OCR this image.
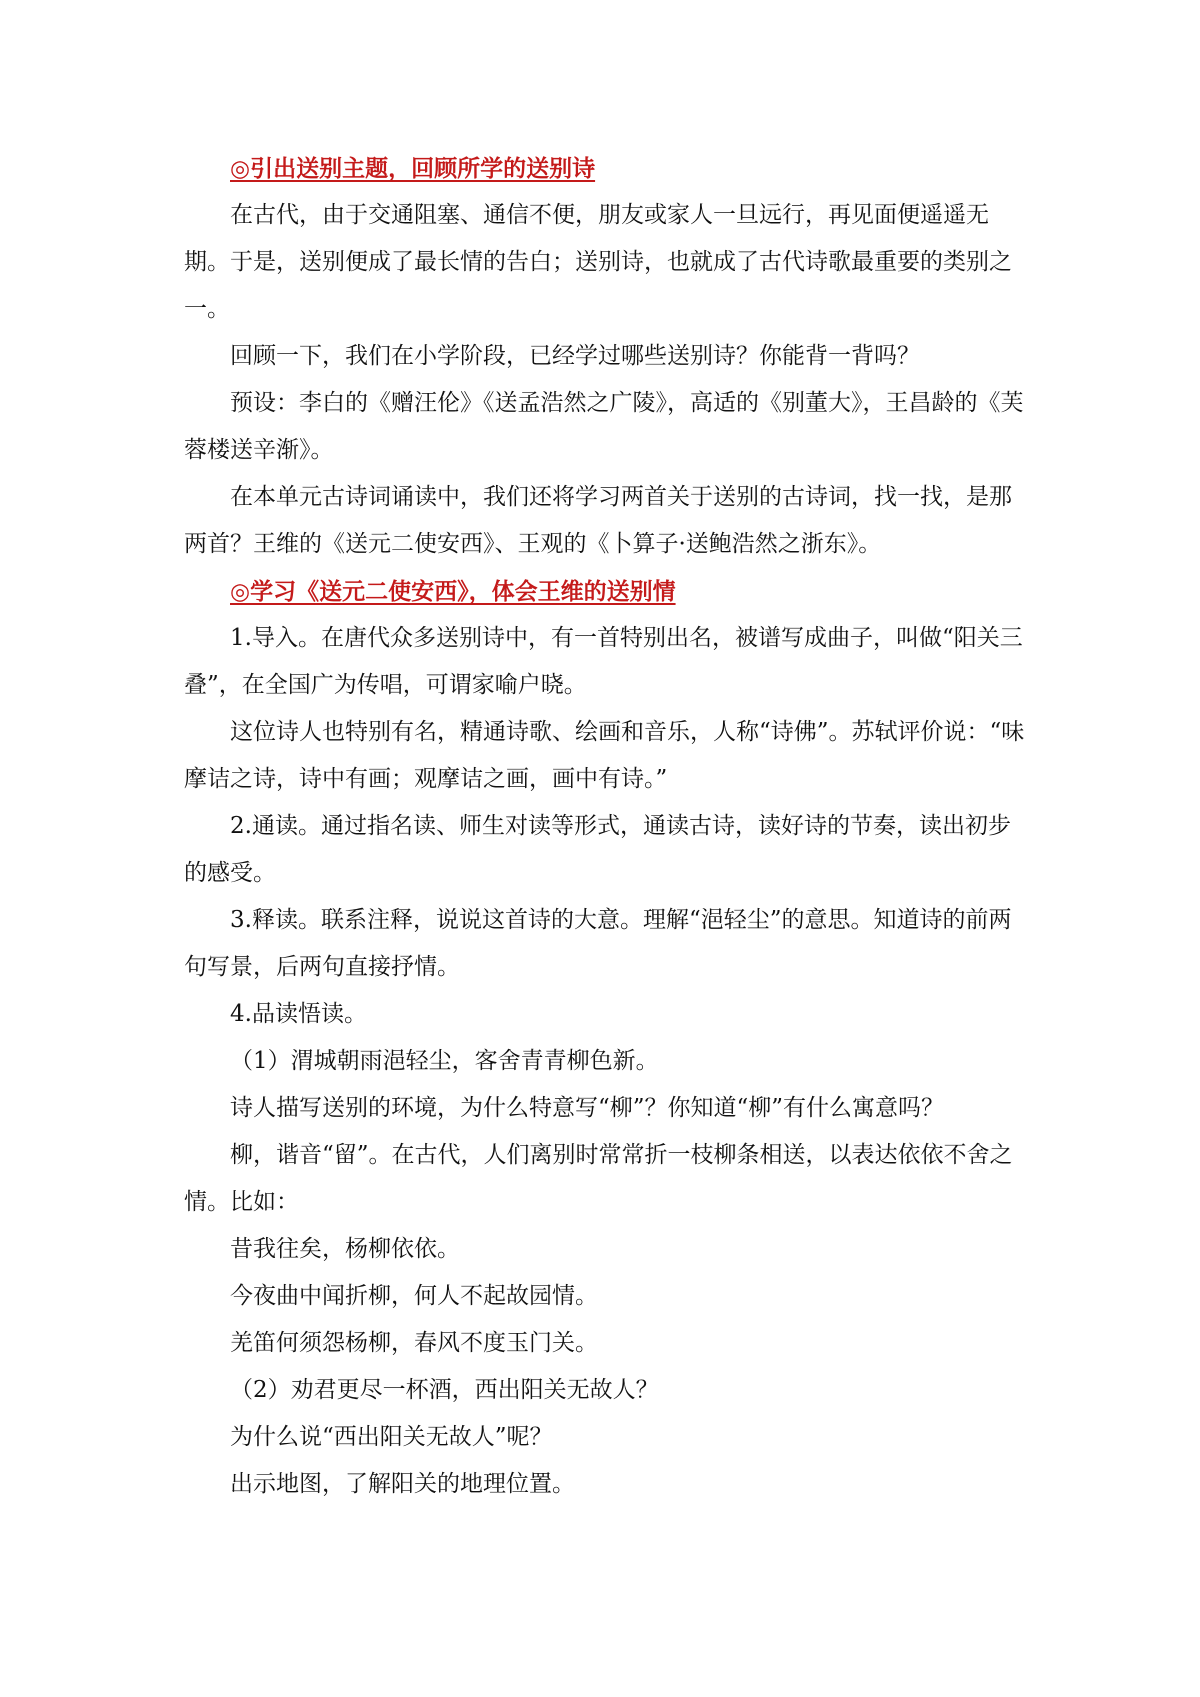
◎引出送别主题，回顾所学的送别诗

在古代，由于交通阻塞、通信不便，朋友或家人一旦远行，再见面便遥遥无期。于是，送别便成了最长情的告白；送别诗，也就成了古代诗歌最重要的类别之一。

回顾一下，我们在小学阶段，已经学过哪些送别诗？你能背一背吗？

预设：李白的《赠汪伦》《送孟浩然之广陵》，高适的《别董大》，王昌龄的《芙蓉楼送辛渐》。

在本单元古诗词诵读中，我们还将学习两首关于送别的古诗词，找一找，是那两首？王维的《送元二使安西》、王观的《卜算子·送鲍浩然之浙东》。

◎学习《送元二使安西》，体会王维的送别情

1.导入。在唐代众多送别诗中，有一首特别出名，被谱写成曲子，叫做“阳关三叠”，在全国广为传唱，可谓家喻户晓。

这位诗人也特别有名，精通诗歌、绘画和音乐，人称“诗佛”。苏轼评价说：“味摩诘之诗，诗中有画；观摩诘之画，画中有诗。”

2.通读。通过指名读、师生对读等形式，通读古诗，读好诗的节奏，读出初步的感受。

3.释读。联系注释，说说这首诗的大意。理解“浥轻尘”的意思。知道诗的前两句写景，后两句直接抒情。

4.品读悟读。

（1）渭城朝雨浥轻尘，客舍青青柳色新。

诗人描写送别的环境，为什么特意写“柳”？你知道“柳”有什么寓意吗？

柳，谐音“留”。在古代，人们离别时常常折一枝柳条相送，以表达依依不舍之情。比如：

昔我往矣，杨柳依依。

今夜曲中闻折柳，何人不起故园情。

羌笛何须怨杨柳，春风不度玉门关。

（2）劝君更尽一杯酒，西出阳关无故人？

为什么说“西出阳关无故人”呢？

出示地图，了解阳关的地理位置。
